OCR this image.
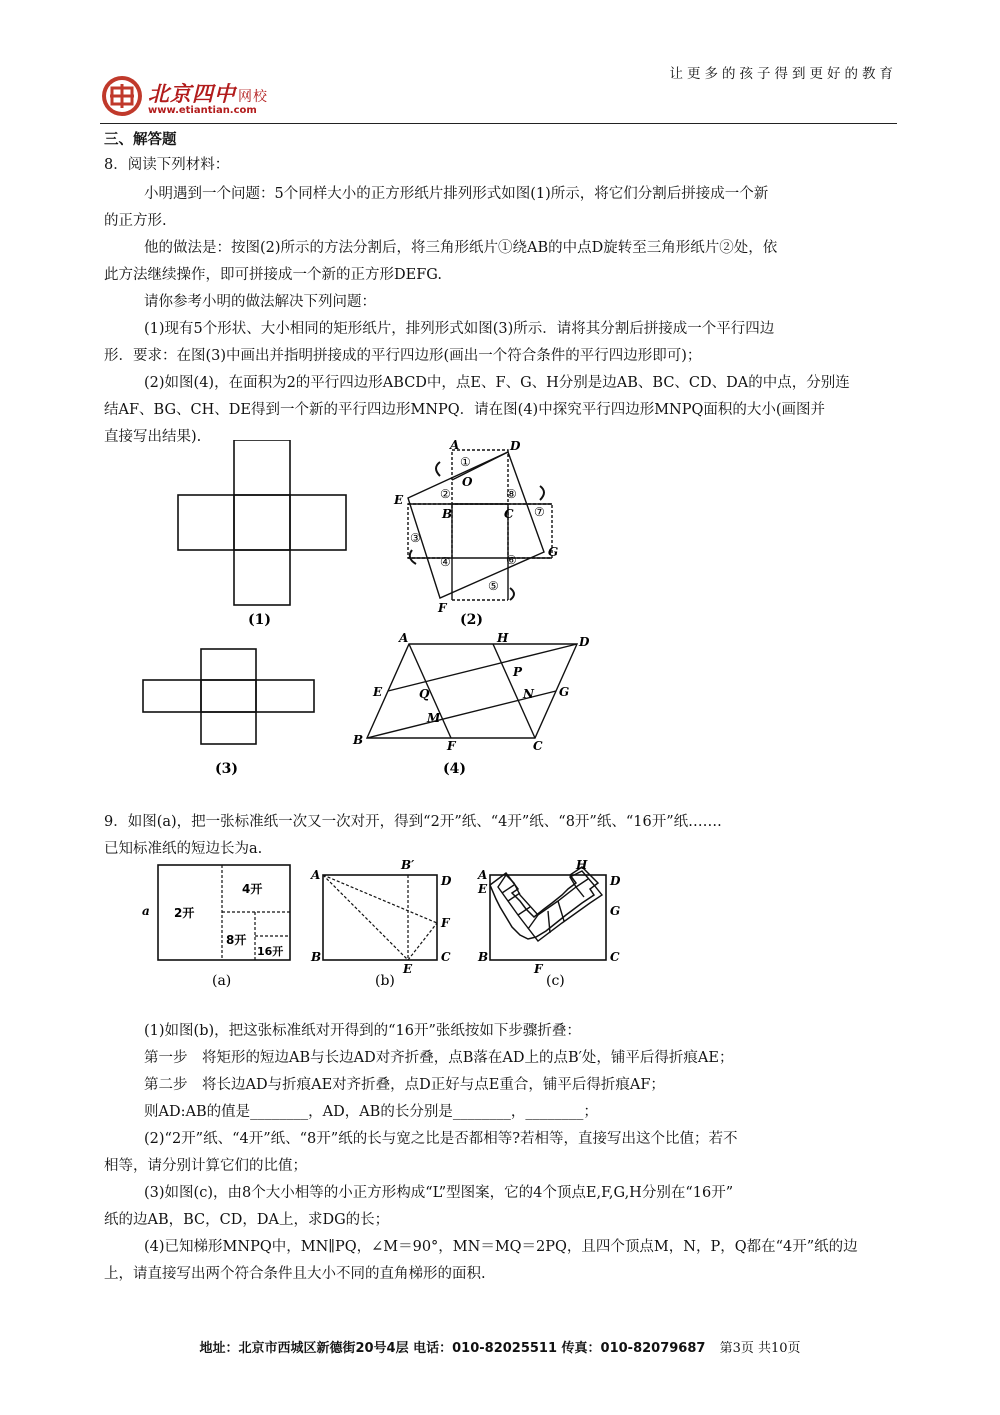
北京四中 网校
www.etiantian.com
让更多的孩子得到更好的教育
三、解答题
8．阅读下列材料：
小明遇到一个问题：5个同样大小的正方形纸片排列形式如图(1)所示，将它们分割后拼接成一个新
的正方形.
他的做法是：按图(2)所示的方法分割后，将三角形纸片①绕AB的中点D旋转至三角形纸片②处，依
此方法继续操作，即可拼接成一个新的正方形DEFG.
请你参考小明的做法解决下列问题：
(1)现有5个形状、大小相同的矩形纸片，排列形式如图(3)所示．请将其分割后拼接成一个平行四边
形．要求：在图(3)中画出并指明拼接成的平行四边形(画出一个符合条件的平行四边形即可)；
(2)如图(4)，在面积为2的平行四边形ABCD中，点E、F、G、H分别是边AB、BC、CD、DA的中点，分别连
结AF、BG、CH、DE得到一个新的平行四边形MNPQ．请在图(4)中探究平行四边形MNPQ面积的大小(画图并
直接写出结果).
(1)
A	D
O
E
B	C
G
F
①
②
③
④
⑤
⑥
⑦
⑧
(2)
(3)
A	H	D
P
E	Q	N G
M
B	F	C
(4)
9．如图(a)，把一张标准纸一次又一次对开，得到“2开”纸、“4开”纸、“8开”纸、“16开”纸…….
已知标准纸的短边长为a.
a 2开
4开
8开
16开
(a)
A
B′
D
F
B
E
C
(b)
A
H
D
E
G
B
F
C
(c)
(1)如图(b)，把这张标准纸对开得到的“16开”张纸按如下步骤折叠：
第一步　将矩形的短边AB与长边AD对齐折叠，点B落在AD上的点B′处，铺平后得折痕AE；
第二步　将长边AD与折痕AE对齐折叠，点D正好与点E重合，铺平后得折痕AF；
则AD:AB的值是________，AD，AB的长分别是________，________；
(2)“2开”纸、“4开”纸、“8开”纸的长与宽之比是否都相等?若相等，直接写出这个比值；若不
相等，请分别计算它们的比值；
(3)如图(c)，由8个大小相等的小正方形构成“L”型图案，它的4个顶点E,F,G,H分别在“16开”
纸的边AB，BC，CD，DA上，求DG的长；
(4)已知梯形MNPQ中，MN∥PQ，∠M＝90°，MN＝MQ＝2PQ，且四个顶点M，N，P，Q都在“4开”纸的边
上，请直接写出两个符合条件且大小不同的直角梯形的面积.
地址：北京市西城区新德街20号4层 电话：010-82025511 传真：010-82079687 第3页 共10页
